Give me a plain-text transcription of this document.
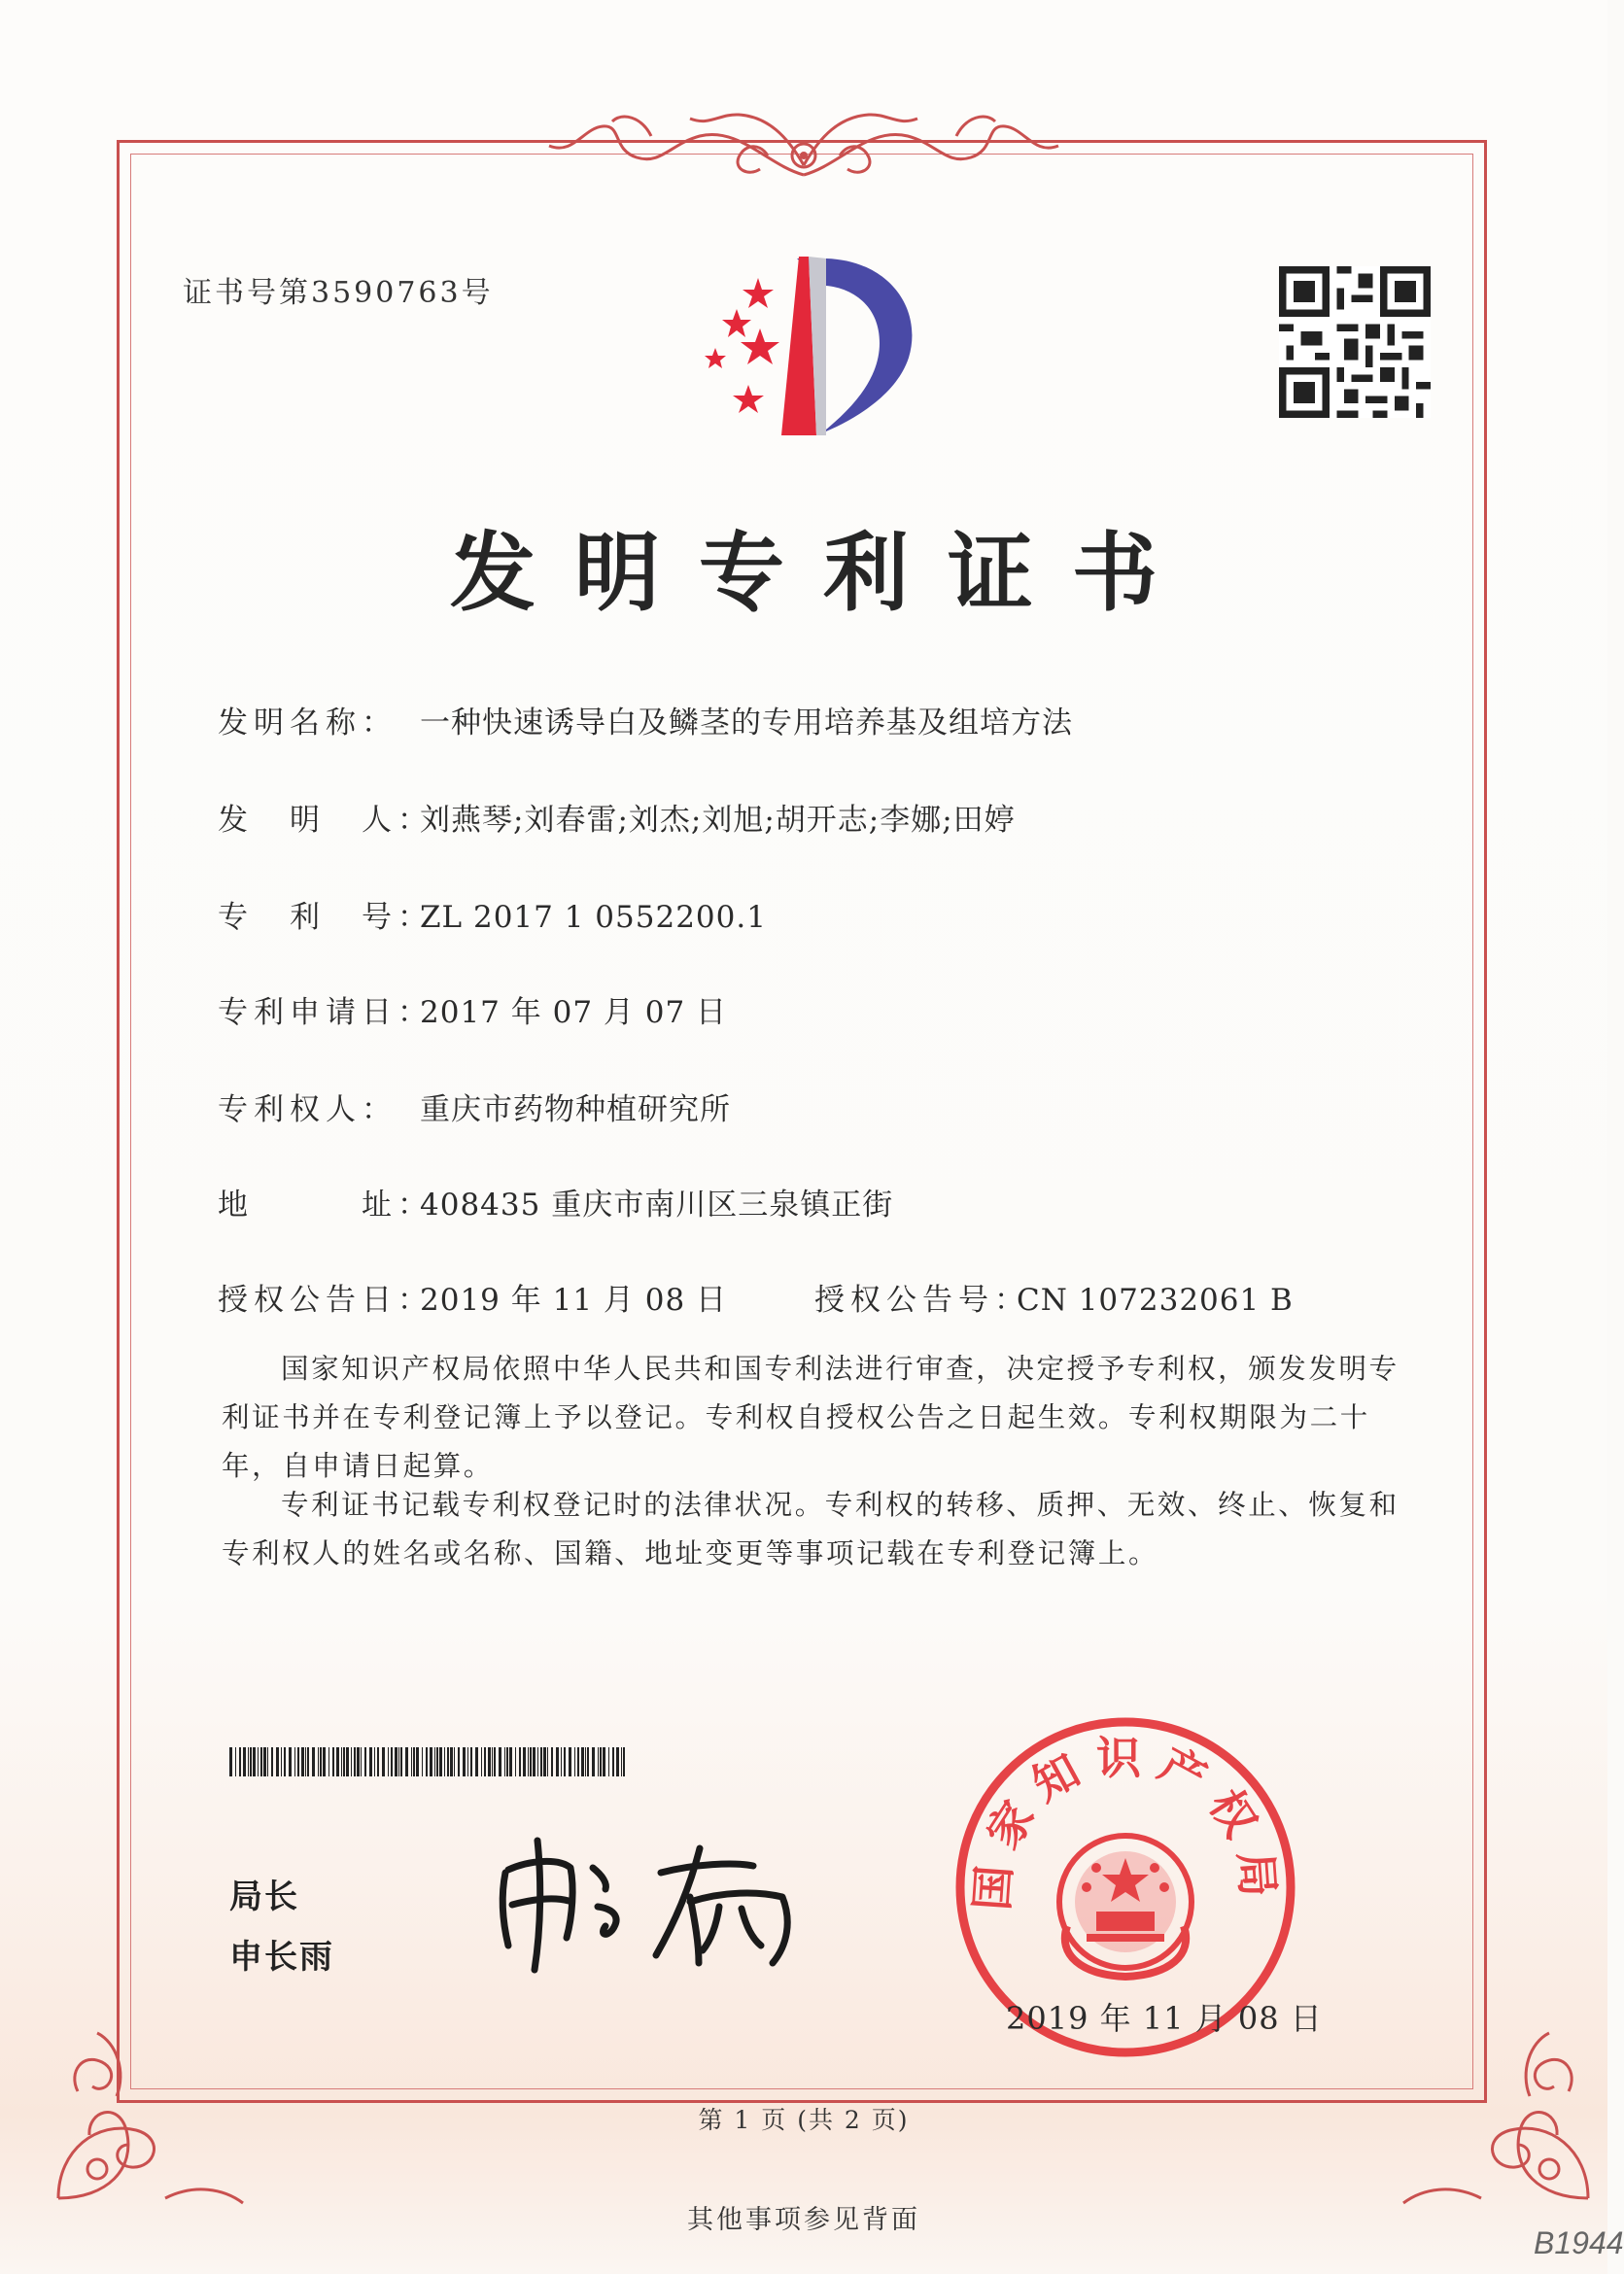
证书号第3590763号
发明专利证书
发明名称： 一种快速诱导白及鳞茎的专用培养基及组培方法
发　明　人：刘燕琴;刘春雷;刘杰;刘旭;胡开志;李娜;田婷
专　利　号：ZL 2017 1 0552200.1
专利申请日：2017 年 07 月 07 日
专利权人： 重庆市药物种植研究所
地　　　址：408435 重庆市南川区三泉镇正街
授权公告日：2019 年 11 月 08 日	授权公告号：CN 107232061 B
国家知识产权局依照中华人民共和国专利法进行审查，决定授予专利权，颁发发明专利证书并在专利登记簿上予以登记。专利权自授权公告之日起生效。专利权期限为二十年，自申请日起算。
专利证书记载专利权登记时的法律状况。专利权的转移、质押、无效、终止、恢复和专利权人的姓名或名称、国籍、地址变更等事项记载在专利登记簿上。
局长
申长雨
国家知识产权局
2019 年 11 月 08 日
第 1 页 (共 2 页)
其他事项参见背面
B1944
